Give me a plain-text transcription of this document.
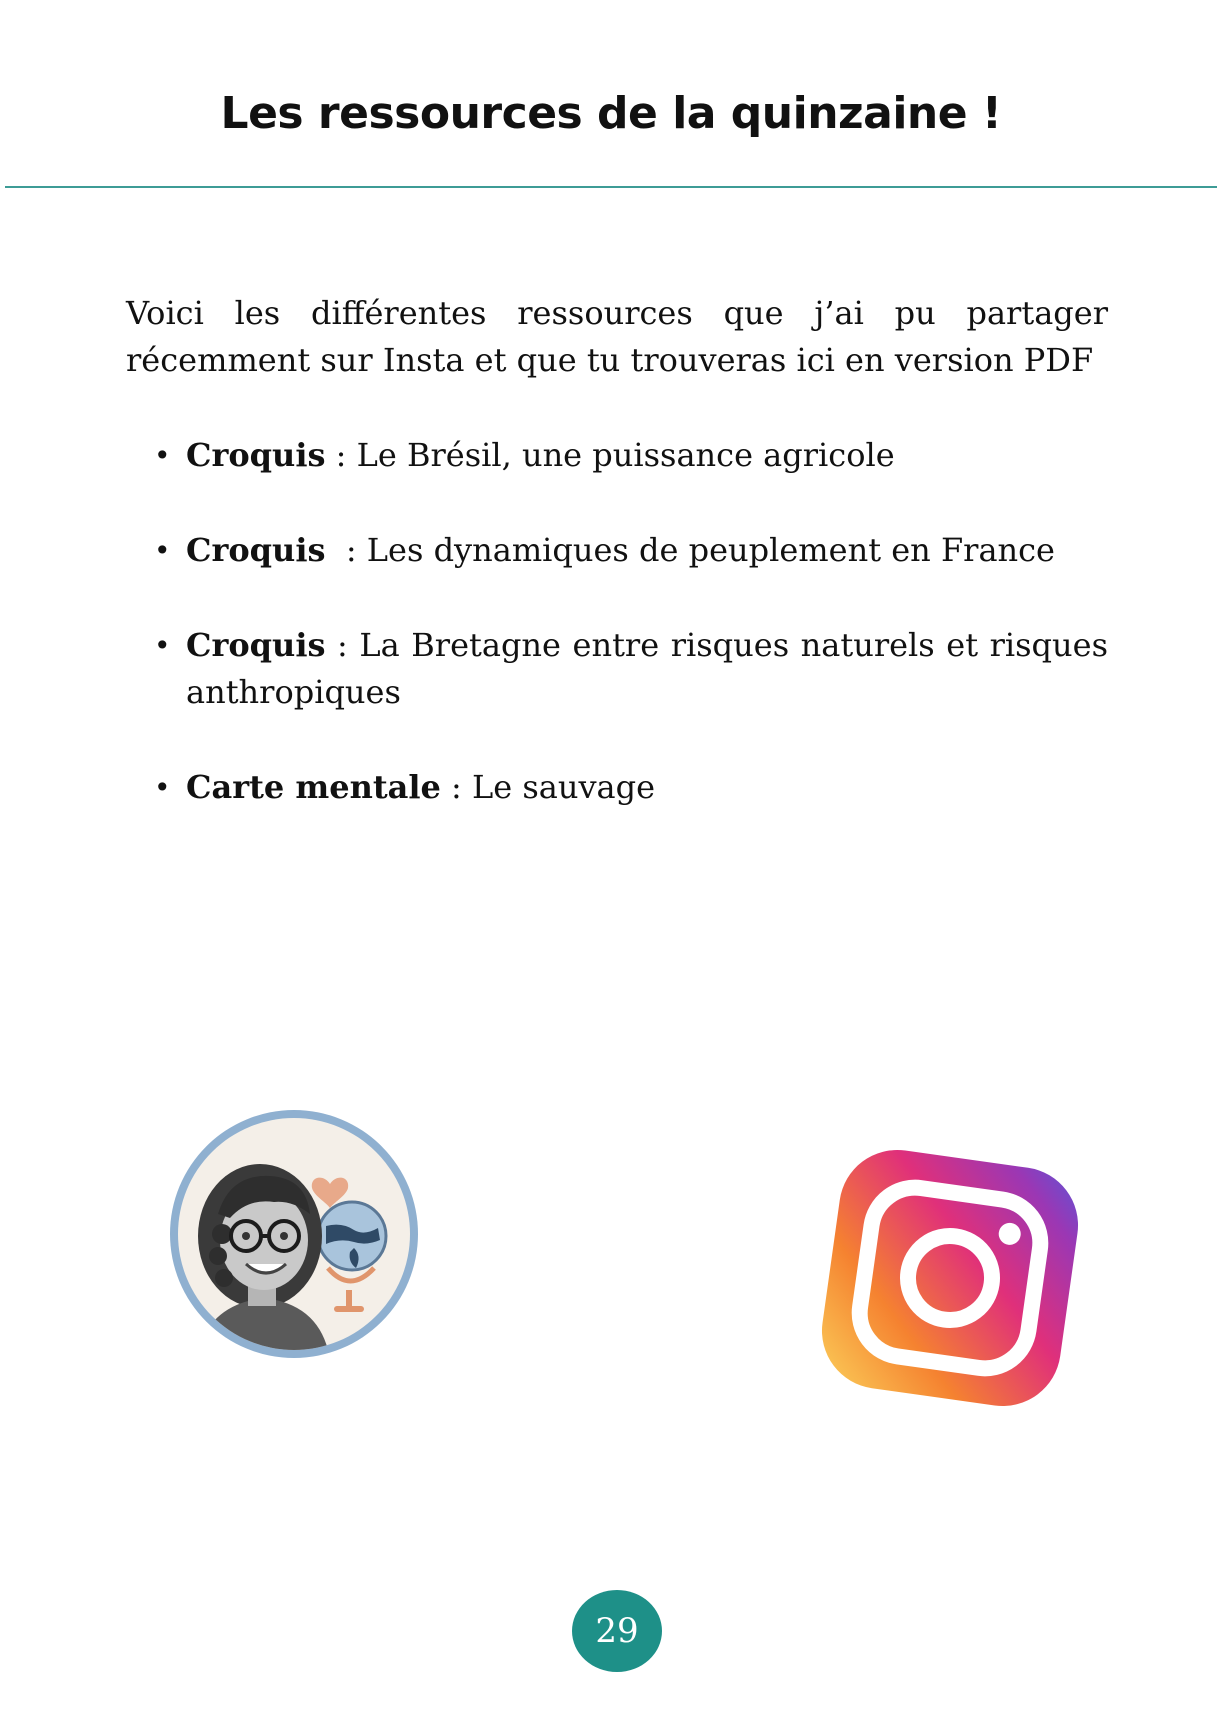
Les ressources de la quinzaine !
Voici les différentes ressources que j’ai pu partager
récemment sur Insta et que tu trouveras ici en version PDF
• Croquis : Le Brésil, une puissance agricole
• Croquis  : Les dynamiques de peuplement en France
• Croquis : La Bretagne entre risques naturels et risques anthropiques
• Carte mentale : Le sauvage
29
